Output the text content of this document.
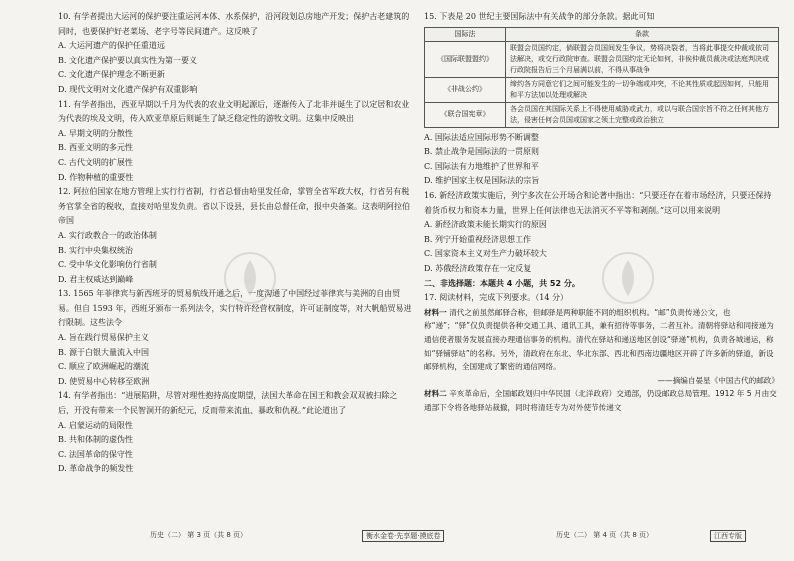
10. 有学者提出大运河的保护要注重运河本体、水系保护，沿河段划总房地产开发；保护古老建筑的同时，也要保护好老菜场、老字号等民间遗产。这反映了
A. 大运河遗产的保护任重道远
B. 文化遗产保护要以真实性为第一要义
C. 文化遗产保护理念不断更新
D. 现代文明对文化遗产保护有双重影响
11. 有学者指出，西亚早期以千月为代表的农业文明起源后，逐渐传入了北非并诞生了以定居和农业为代表的埃及文明，传入欧亚草原后则诞生了缺乏稳定性的游牧文明。这集中反映出
A. 早期文明的分散性
B. 西亚文明的多元性
C. 古代文明的扩展性
D. 作物种植的重要性
12. 阿拉伯国家在地方管理上实行行省制，行省总督由哈里发任命，掌管全省军政大权，行省另有税务官掌全省的税收，直接对哈里发负责。省以下设县，县长由总督任命，报中央备案。这表明阿拉伯帝国
A. 实行政教合一的政治体制
B. 实行中央集权统治
C. 受中华文化影响仿行省制
D. 君主权威达到巅峰
13. 1565 年菲律宾与新西班牙的贸易航线开通之后，一度沟通了中国经过菲律宾与美洲的自由贸易。但自 1593 年，西班牙颁布一系列法令，实行特许经营权制度，许可证制度等，对大帆船贸易进行限制。这些法令
A. 旨在践行贸易保护主义
B. 源于白银大量流入中国
C. 顺应了欧洲崛起的潮流
D. 使贸易中心转移至欧洲
14. 有学者指出：“进展陷阱，尽管对理性抱持高度期望，法国大革命在国王和教会双双被扫除之后，开没有带来一个民智洞开的新纪元，反而带来流血、暴政和仇视。”此论道出了
A. 启蒙运动的局限性
B. 共和体制的虚伪性
C. 法国革命的保守性
D. 革命战争的频发性
15. 下表是 20 世纪主要国际法中有关战争的部分条款。据此可知
国际法	条款
《国际联盟盟约》	联盟会员国约定，倘联盟会员国间发生争议，势将决裂者，当将此事提交仲裁或依司法解决，或交行政院审查。联盟会员国约定无论如何，非俟仲裁员裁决或法庭判决或行政院报告后三个月届满以前，不得从事战争
《非战公约》	缔约各方同意它们之间可能发生的一切争端或冲突，不论其性质或起因如何，只能用和平方法加以处理或解决
《联合国宪章》	各会员国在其国际关系上不得使用威胁或武力，或以与联合国宗旨不符之任何其他方法，侵害任何会员国或国家之领土完整或政治独立
A. 国际法适应国际形势不断调整
B. 禁止战争是国际法的一贯原则
C. 国际法有力地维护了世界和平
D. 维护国家主权是国际法的宗旨
16. 新经济政策实施后，列宁多次在公开场合和论著中指出：“只要还存在着市场经济，只要还保持着货币权力和资本力量，世界上任何法律也无法消灭不平等和剥削。”这可以用来说明
A. 新经济政策未能长期实行的原因
B. 列宁开始重视经济思想工作
C. 国家资本主义对生产力破坏较大
D. 苏俄经济政策存在一定反复
二、非选择题：本题共 4 小题，共 52 分。
17. 阅读材料，完成下列要求。（14 分）
材料一 清代之前虽然邮驿合称，但邮驿是两种职能不同的组织机构。“邮”负责传递公文，也称“递”；“驿”仅负责提供各种交通工具、通讯工具，兼有招待等事务，二者互补。清朝将驿站和同接递为通信使者服务发展直接办理通信事务的机构。清代在驿站和递送地区创设“驿递”机构，负责各城递运，称如“驿铺驿站”的名称。另外，清政府在东北、华北东部、西北和西南边疆地区开辟了许多新的驿道，新设邮驿机构，全国建成了繁密的通信网络。
——摘编自晏星《中国古代的邮政》
材料二 辛亥革命后，全国邮政划归中华民国（北洋政府）交通部，仍设邮政总局管理。1912 年 5 月由交通部下令将各地驿站裁撤，同时将清廷专为对外使节传递文
历史（二） 第 3 页（共 8 页）	衡水金卷·先享题·摸底卷	历史（二） 第 4 页（共 8 页）	江西专版
